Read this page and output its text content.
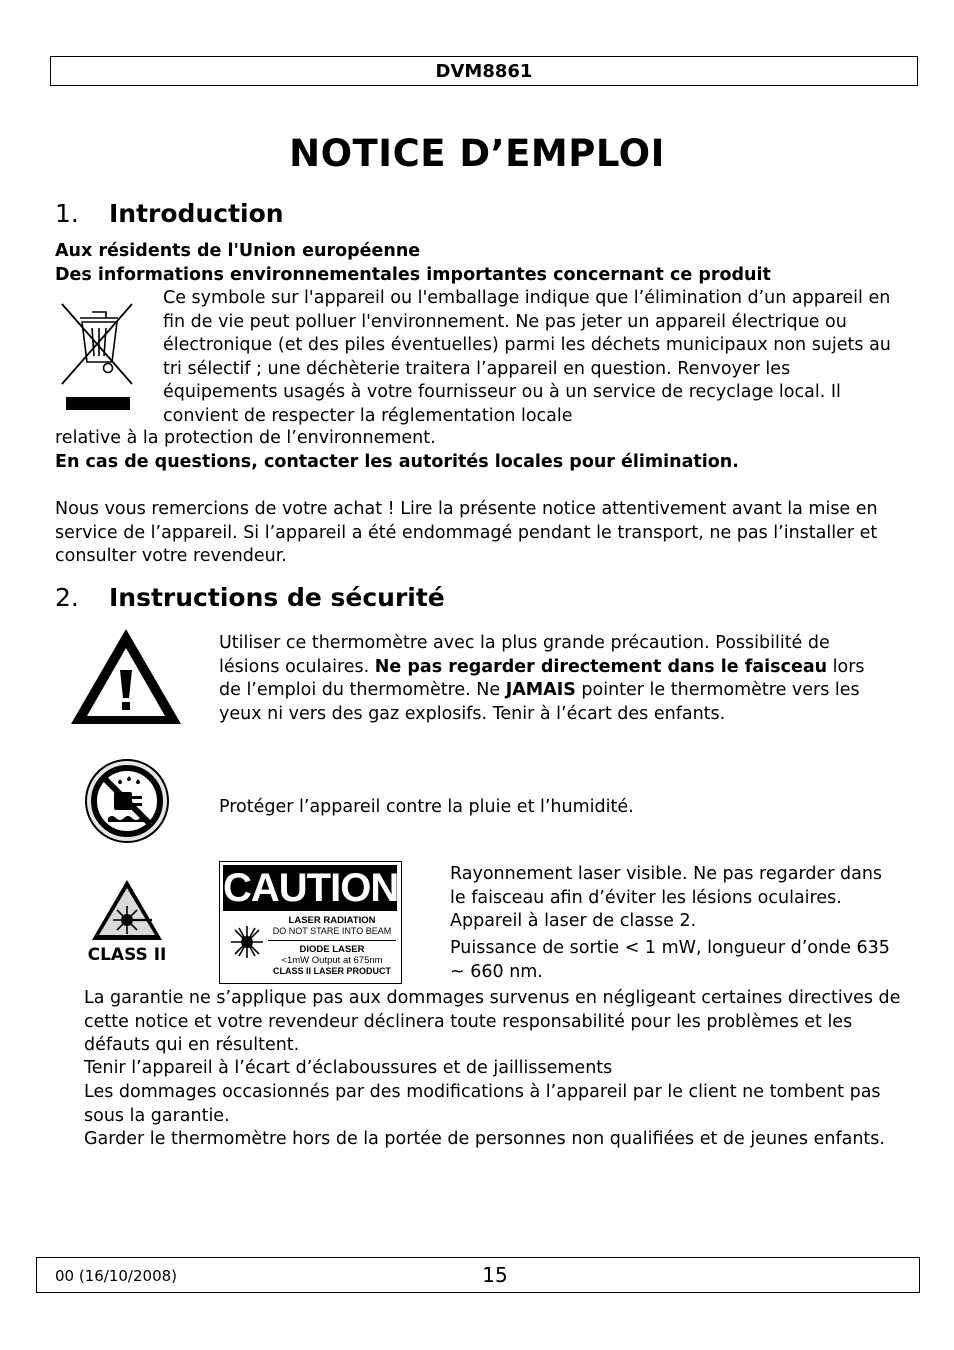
DVM8861
NOTICE D’EMPLOI
1. Introduction

Aux résidents de l'Union européenne

Des informations environnementales importantes concernant ce produit

Ce symbole sur l'appareil ou l'emballage indique que l’élimination d’un appareil en fin de vie peut polluer l'environnement. Ne pas jeter un appareil électrique ou électronique (et des piles éventuelles) parmi les déchets municipaux non sujets au tri sélectif ; une déchèterie traitera l’appareil en question. Renvoyer les équipements usagés à votre fournisseur ou à un service de recyclage local. Il convient de respecter la réglementation locale

relative à la protection de l’environnement.

En cas de questions, contacter les autorités locales pour élimination.

Nous vous remercions de votre achat ! Lire la présente notice attentivement avant la mise en service de l’appareil. Si l’appareil a été endommagé pendant le transport, ne pas l’installer et consulter votre revendeur.

2. Instructions de sécurité

Utiliser ce thermomètre avec la plus grande précaution. Possibilité de lésions oculaires. Ne pas regarder directement dans le faisceau lors de l’emploi du thermomètre. Ne JAMAIS pointer le thermomètre vers les yeux ni vers des gaz explosifs. Tenir à l’écart des enfants.

Protéger l’appareil contre la pluie et l’humidité.

CLASS II
CAUTION
LASER RADIATION
DO NOT STARE INTO BEAM
DIODE LASER
<1mW Output at 675nm
CLASS II LASER PRODUCT

Rayonnement laser visible. Ne pas regarder dans le faisceau afin d’éviter les lésions oculaires. Appareil à laser de classe 2.

Puissance de sortie < 1 mW, longueur d’onde 635 ~ 660 nm.

La garantie ne s’applique pas aux dommages survenus en négligeant certaines directives de cette notice et votre revendeur déclinera toute responsabilité pour les problèmes et les défauts qui en résultent.

Tenir l’appareil à l’écart d’éclaboussures et de jaillissements

Les dommages occasionnés par des modifications à l’appareil par le client ne tombent pas sous la garantie.

Garder le thermomètre hors de la portée de personnes non qualifiées et de jeunes enfants.

00 (16/10/2008)	15
